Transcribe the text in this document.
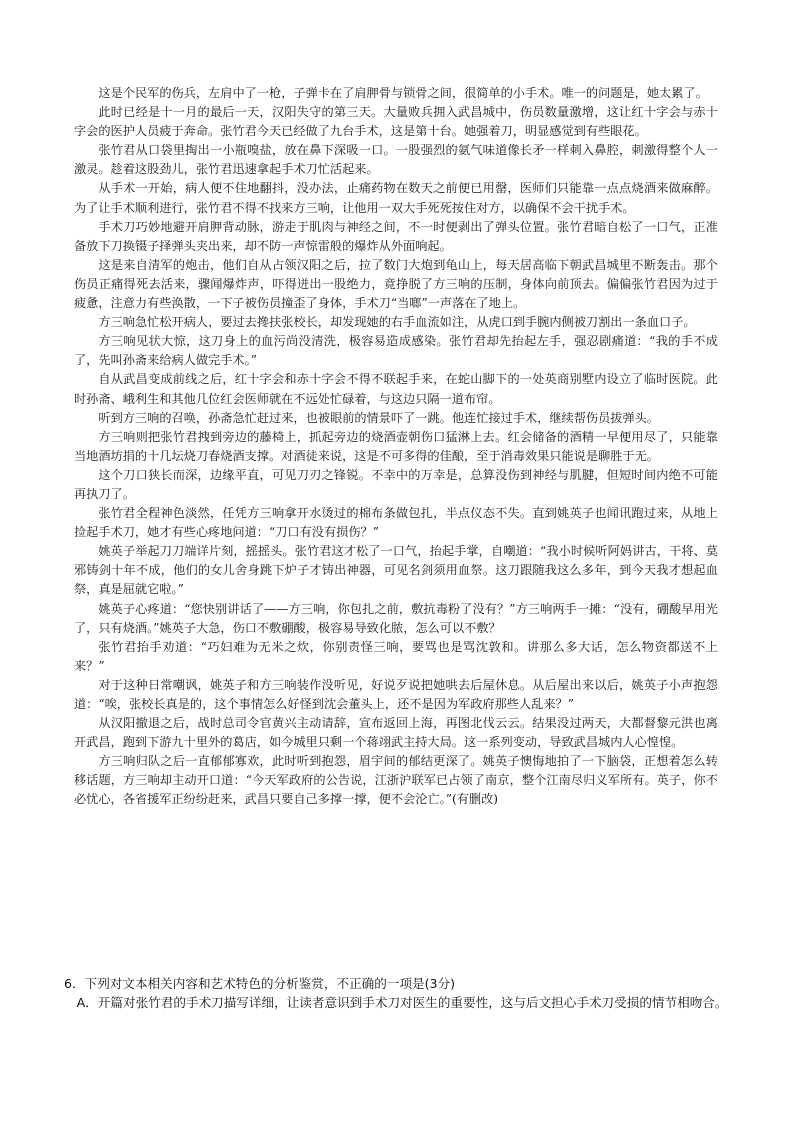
这是个民军的伤兵，左肩中了一枪，子弹卡在了肩胛骨与锁骨之间，很简单的小手术。唯一的问题是，她太累了。

此时已经是十一月的最后一天，汉阳失守的第三天。大量败兵拥入武昌城中，伤员数量激增，这让红十字会与赤十字会的医护人员疲于奔命。张竹君今天已经做了九台手术，这是第十台。她强着刀，明显感觉到有些眼花。

张竹君从口袋里掏出一小瓶嗅盐，放在鼻下深吸一口。一股强烈的氨气味道像长矛一样刺入鼻腔，刺激得整个人一激灵。趁着这股劲儿，张竹君迅速拿起手术刀忙活起来。

从手术一开始，病人便不住地翻抖，没办法，止痛药物在数天之前便已用罄，医师们只能靠一点点烧酒来做麻醉。为了让手术顺利进行，张竹君不得不找来方三响，让他用一双大手死死按住对方，以确保不会干扰手术。

手术刀巧妙地避开肩胛背动脉，游走于肌肉与神经之间，不一时便剥出了弹头位置。张竹君暗自松了一口气，正准备放下刀换镊子择弹头夹出来，却不防一声惊雷般的爆炸从外面响起。

这是来自清军的炮击，他们自从占领汉阳之后，拉了数门大炮到龟山上，每天居高临下朝武昌城里不断轰击。那个伤员正痛得死去活来，骤闻爆炸声，吓得迸出一股绝力，竟挣脱了方三响的压制，身体向前顶去。偏偏张竹君因为过于疲惫，注意力有些涣散，一下子被伤员撞歪了身体，手术刀“当啷”一声落在了地上。

方三响急忙松开病人，要过去搀扶张校长，却发现她的右手血流如注，从虎口到手腕内侧被刀割出一条血口子。

方三响见状大惊，这刀身上的血污尚没清洗，极容易造成感染。张竹君却先抬起左手，强忍剧痛道：“我的手不成了，先叫孙斋来给病人做完手术。”

自从武昌变成前线之后，红十字会和赤十字会不得不联起手来，在蛇山脚下的一处英商别墅内设立了临时医院。此时孙斋、峨利生和其他几位红会医师就在不远处忙碌着，与这边只隔一道布帘。

听到方三响的召唤，孙斋急忙赶过来，也被眼前的情景吓了一跳。他连忙接过手术，继续帮伤员拔弹头。

方三响则把张竹君拽到旁边的藤椅上，抓起旁边的烧酒壶朝伤口猛淋上去。红会储备的酒精一早便用尽了，只能靠当地酒坊捐的十几坛烧刀春烧酒支撑。对酒徒来说，这是不可多得的佳酿，至于消毒效果只能说是聊胜于无。

这个刀口狭长而深，边缘平直，可见刀刃之锋锐。不幸中的万幸是，总算没伤到神经与肌腱，但短时间内绝不可能再执刀了。

张竹君全程神色淡然，任凭方三响拿开水烫过的棉布条做包扎，半点仪态不失。直到姚英子也闻讯跑过来，从地上捡起手术刀，她才有些心疼地问道：“刀口有没有损伤？”

姚英子举起刀刀端详片刻，摇摇头。张竹君这才松了一口气，抬起手掌，自嘲道：“我小时候听阿妈讲古，干将、莫邪铸剑十年不成，他们的女儿舍身跳下炉子才铸出神器，可见名剑须用血祭。这刀跟随我这么多年，到今天我才想起血祭，真是屈就它啦。”

姚英子心疼道：“您快别讲话了——方三响，你包扎之前，敷抗毒粉了没有？”方三响两手一摊：“没有，硼酸早用光了，只有烧酒。”姚英子大急，伤口不敷硼酸，极容易导致化脓，怎么可以不敷？

张竹君抬手劝道：“巧妇难为无米之炊，你别责怪三响，要骂也是骂沈敦和。讲那么多大话，怎么物资都送不上来？”

对于这种日常嘲讽，姚英子和方三响装作没听见，好说歹说把她哄去后屋休息。从后屋出来以后，姚英子小声抱怨道：“唉，张校长真是的，这个事情怎么好怪到沈会董头上，还不是因为军政府那些人乱来？”

从汉阳撤退之后，战时总司令官黄兴主动请辞，宣布返回上海，再图北伐云云。结果没过两天，大都督黎元洪也离开武昌，跑到下游九十里外的葛店，如今城里只剩一个蒋翊武主持大局。这一系列变动，导致武昌城内人心惶惶。

方三响归队之后一直郁郁寡欢，此时听到抱怨，眉宇间的郁结更深了。姚英子懊悔地拍了一下脑袋，正想着怎么转移话题，方三响却主动开口道：“今天军政府的公告说，江浙沪联军已占领了南京，整个江南尽归义军所有。英子，你不必忧心，各省援军正纷纷赶来，武昌只要自己多撑一撑，便不会沦亡。”(有删改)

6．下列对文本相关内容和艺术特色的分析鉴赏，不正确的一项是(3分)

A．开篇对张竹君的手术刀描写详细，让读者意识到手术刀对医生的重要性，这与后文担心手术刀受损的情节相吻合。
